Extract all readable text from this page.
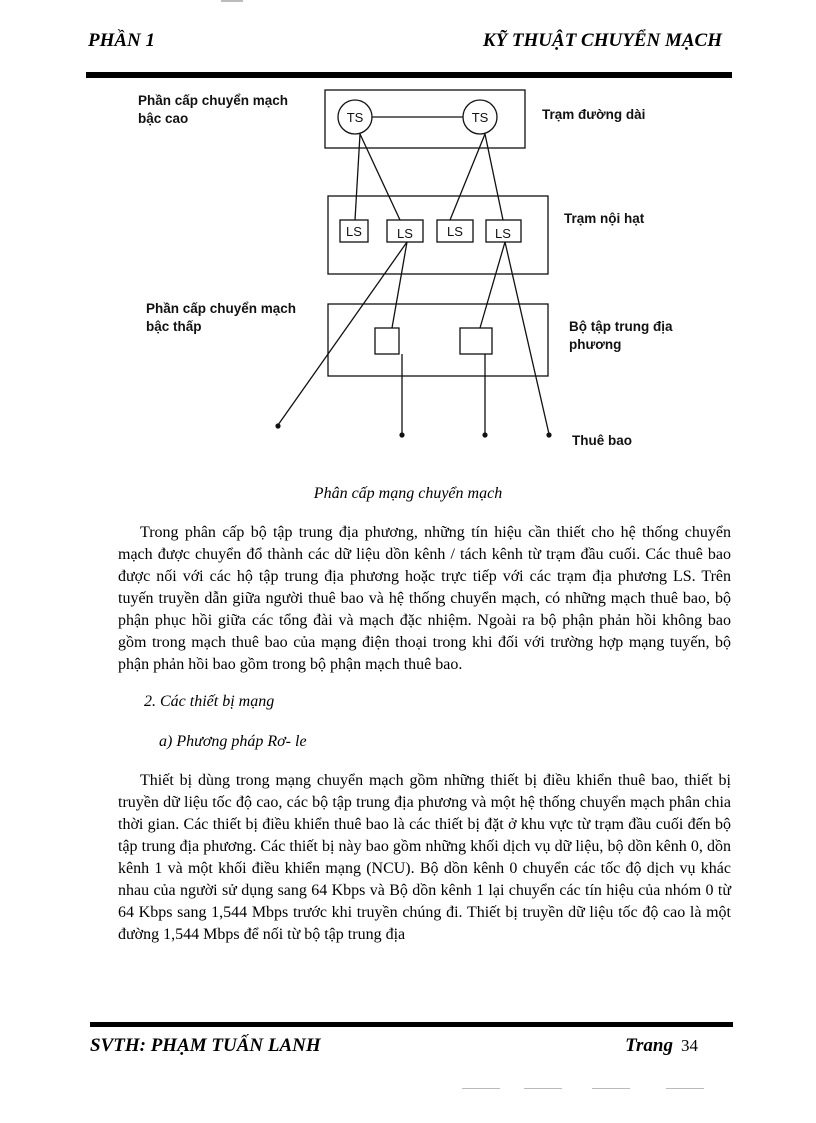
PHẦN 1	KỸ THUẬT CHUYỂN MẠCH
TS	TS
LS	LS	LS LS
Phần cấp chuyển mạch
bậc cao	Trạm đường dài
Trạm nội hạt
Phần cấp chuyển mạch
bậc thấp	Bộ tập trung địa
phương
Thuê bao
Phân cấp mạng chuyển mạch
Trong phân cấp bộ tập trung địa phương, những tín hiệu cần thiết cho hệ thống chuyển mạch được chuyển đổ thành các dữ liệu dồn kênh / tách kênh từ trạm đầu cuối. Các thuê bao được nối với các hộ tập trung địa phương hoặc trực tiếp với các trạm địa phương LS. Trên tuyến truyền dẫn giữa người thuê bao và hệ thống chuyển mạch, có những mạch thuê bao, bộ phận phục hồi giữa các tổng đài và mạch đặc nhiệm. Ngoài ra bộ phận phản hồi không bao gồm trong mạch thuê bao của mạng điện thoại trong khi đối với trường hợp mạng tuyến, bộ phận phản hồi bao gồm trong bộ phận mạch thuê bao.
2. Các thiết bị mạng
a) Phương pháp Rơ- le
Thiết bị dùng trong mạng chuyển mạch gồm những thiết bị điều khiển thuê bao, thiết bị truyền dữ liệu tốc độ cao, các bộ tập trung địa phương và một hệ thống chuyển mạch phân chia thời gian. Các thiết bị điều khiển thuê bao là các thiết bị đặt ở khu vực từ trạm đầu cuối đến bộ tập trung địa phương. Các thiết bị này bao gồm những khối dịch vụ dữ liệu, bộ dồn kênh 0, dồn kênh 1 và một khối điều khiển mạng (NCU). Bộ dồn kênh 0 chuyển các tốc độ dịch vụ khác nhau của người sử dụng sang 64 Kbps và Bộ dồn kênh 1 lại chuyển các tín hiệu của nhóm 0 từ 64 Kbps sang 1,544 Mbps trước khi truyền chúng đi. Thiết bị truyền dữ liệu tốc độ cao là một đường 1,544 Mbps để nối từ bộ tập trung địa
SVTH: PHẠM TUẤN LANH	Trang 34
